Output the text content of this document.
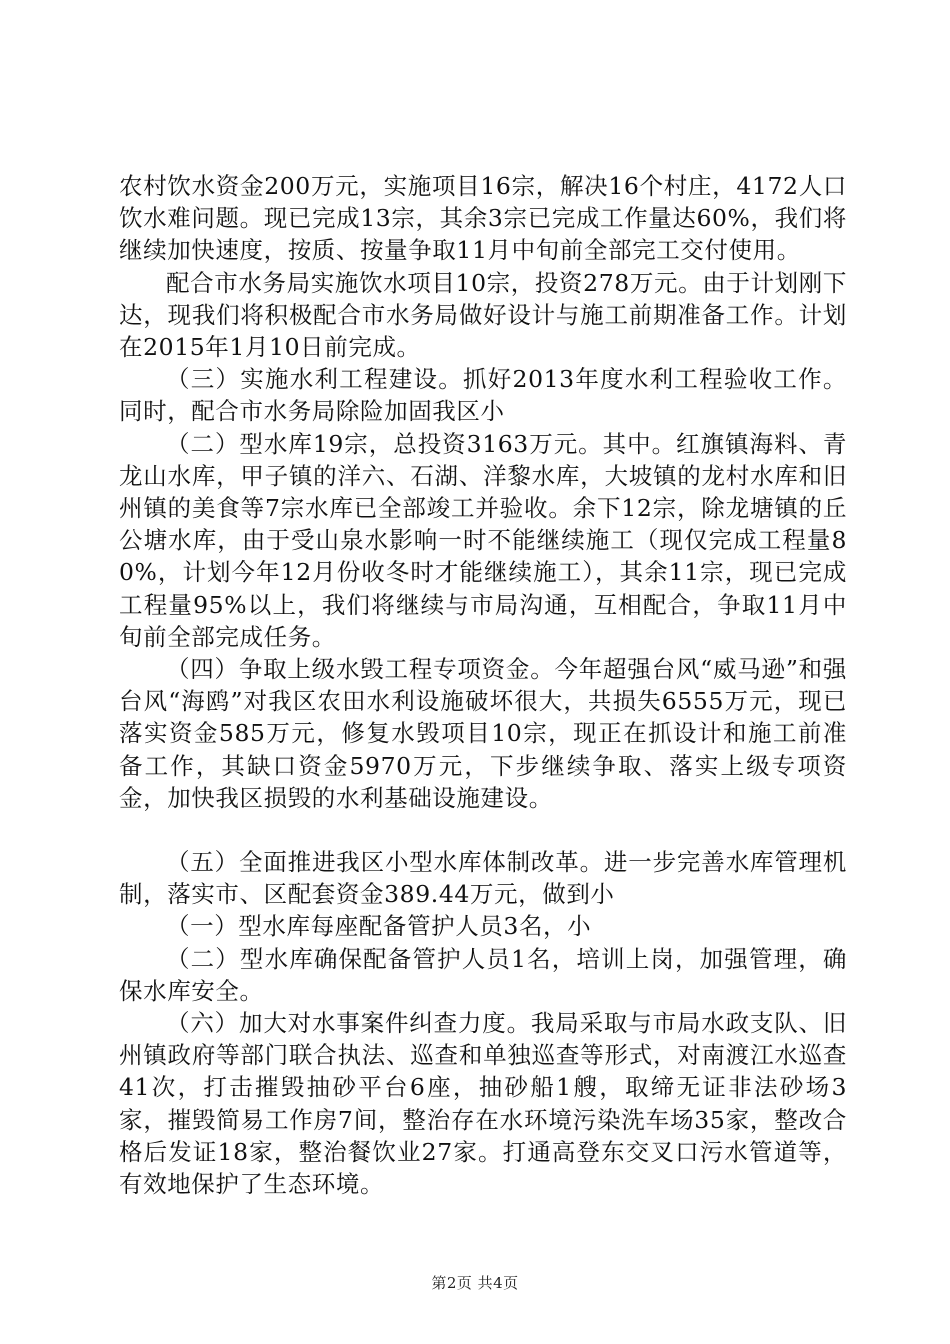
农村饮水资金200万元，实施项目16宗，解决16个村庄，4172人口饮水难问题。现已完成13宗，其余3宗已完成工作量达60%，我们将继续加快速度，按质、按量争取11月中旬前全部完工交付使用。

配合市水务局实施饮水项目10宗，投资278万元。由于计划刚下达，现我们将积极配合市水务局做好设计与施工前期准备工作。计划在2015年1月10日前完成。

（三）实施水利工程建设。抓好2013年度水利工程验收工作。同时，配合市水务局除险加固我区小

（二）型水库19宗，总投资3163万元。其中。红旗镇海料、青龙山水库，甲子镇的洋六、石湖、洋黎水库，大坡镇的龙村水库和旧州镇的美食等7宗水库已全部竣工并验收。余下12宗，除龙塘镇的丘公塘水库，由于受山泉水影响一时不能继续施工（现仅完成工程量80%，计划今年12月份收冬时才能继续施工），其余11宗，现已完成工程量95%以上，我们将继续与市局沟通，互相配合，争取11月中旬前全部完成任务。

（四）争取上级水毁工程专项资金。今年超强台风“威马逊”和强台风“海鸥”对我区农田水利设施破坏很大，共损失6555万元，现已落实资金585万元，修复水毁项目10宗，现正在抓设计和施工前准备工作，其缺口资金5970万元，下步继续争取、落实上级专项资金，加快我区损毁的水利基础设施建设。

（五）全面推进我区小型水库体制改革。进一步完善水库管理机制，落实市、区配套资金389.44万元，做到小

（一）型水库每座配备管护人员3名，小

（二）型水库确保配备管护人员1名，培训上岗，加强管理，确保水库安全。

（六）加大对水事案件纠查力度。我局采取与市局水政支队、旧州镇政府等部门联合执法、巡查和单独巡查等形式，对南渡江水巡查41次，打击摧毁抽砂平台6座，抽砂船1艘，取缔无证非法砂场3家，摧毁简易工作房7间，整治存在水环境污染洗车场35家，整改合格后发证18家，整治餐饮业27家。打通高登东交叉口污水管道等，有效地保护了生态环境。

第2页 共4页
